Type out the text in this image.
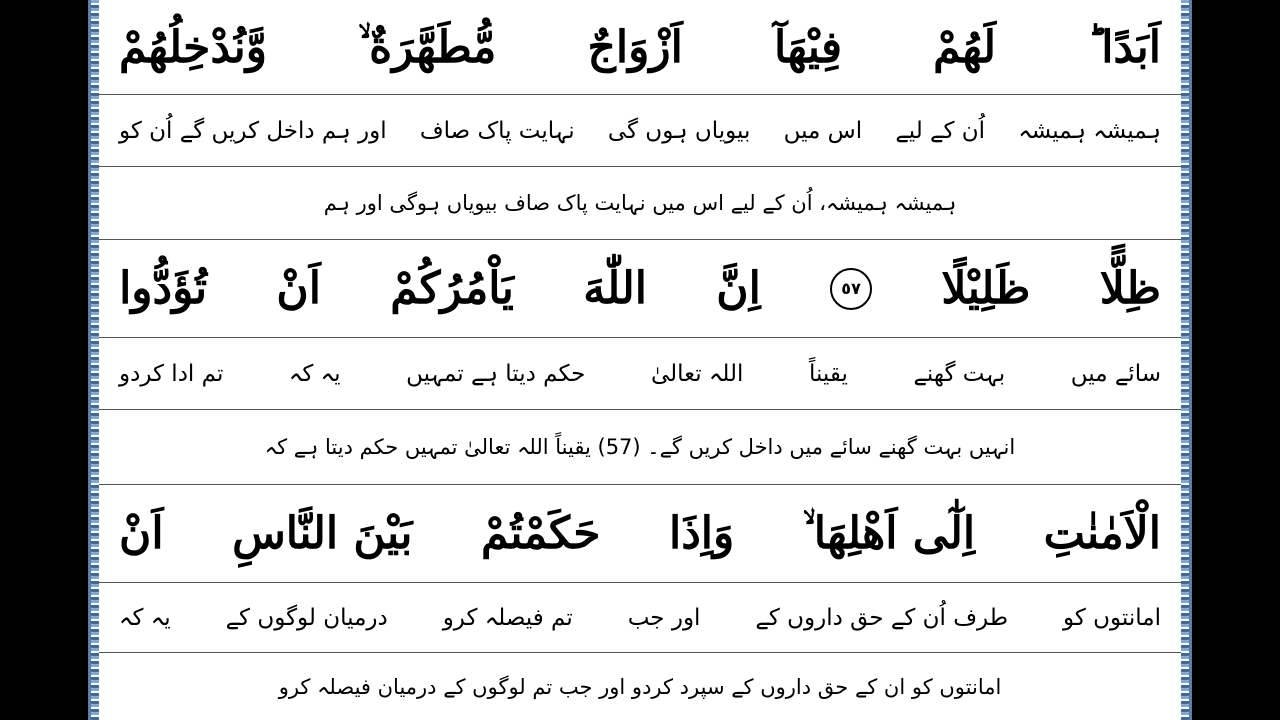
اَبَدًا ؕ
لَهُمْ
فِيْهَآ
اَزْوَاجٌ
مُّطَهَّرَةٌ ۙ
وَّنُدْخِلُهُمْ
ہمیشہ ہمیشہ
اُن کے لیے
اس میں
بیویاں ہوں گی
نہایت پاک صاف
اور ہم داخل کریں گے اُن کو
ہمیشہ ہمیشہ، اُن کے لیے اس میں نہایت پاک صاف بیویاں ہوگی اور ہم
ظِلًّا
ظَلِيْلًا
٥٧
اِنَّ
اللّٰهَ
يَاْمُرُكُمْ
اَنْ
تُؤَدُّوا
سائے میں
بہت گھنے
یقیناً
اللہ تعالیٰ
حکم دیتا ہے تمہیں
یہ کہ
تم ادا کردو
انہیں بہت گھنے سائے میں داخل کریں گے۔ (57) یقیناً اللہ تعالیٰ تمہیں حکم دیتا ہے کہ
الْاَمٰنٰتِ
اِلٰٓى اَهْلِهَا ۙ
وَاِذَا
حَكَمْتُمْ
بَيْنَ النَّاسِ
اَنْ
امانتوں کو
طرف اُن کے حق داروں کے
اور جب
تم فیصلہ کرو
درمیان لوگوں کے
یہ کہ
امانتوں کو ان کے حق داروں کے سپرد کردو اور جب تم لوگوں کے درمیان فیصلہ کرو
